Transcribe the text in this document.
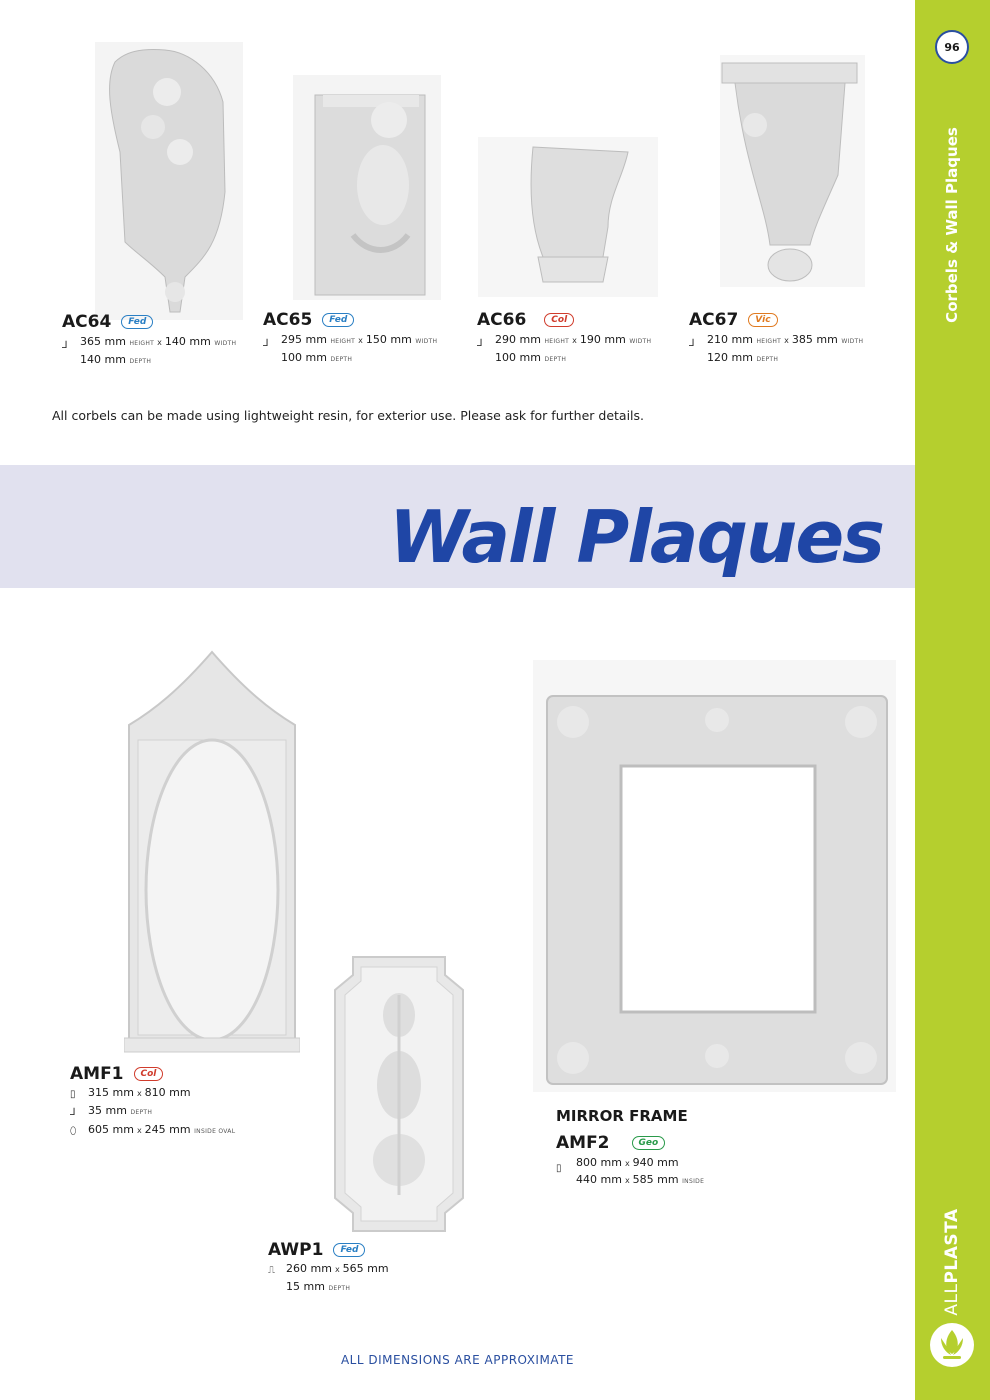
96
Corbels & Wall Plaques
ALLPLASTA
AC64	Fed
⅃ 365 mm HEIGHT x 140 mm WIDTH
140 mm DEPTH
AC65	Fed
⅃ 295 mm HEIGHT x 150 mm WIDTH
100 mm DEPTH
AC66	Col
⅃ 290 mm HEIGHT x 190 mm WIDTH
100 mm DEPTH
AC67	Vic
⅃ 210 mm HEIGHT x 385 mm WIDTH
120 mm DEPTH
All corbels can be made using lightweight resin, for exterior use. Please ask for further details.
Wall Plaques
AMF1	Col
▯ 315 mm x 810 mm
⅃ 35 mm DEPTH
⬯ 605 mm x 245 mm INSIDE OVAL
AWP1	Fed
⎍ 260 mm x 565 mm
15 mm DEPTH
MIRROR FRAME
AMF2	Geo
▯ 800 mm x 940 mm
440 mm x 585 mm INSIDE
ALL DIMENSIONS ARE APPROXIMATE
